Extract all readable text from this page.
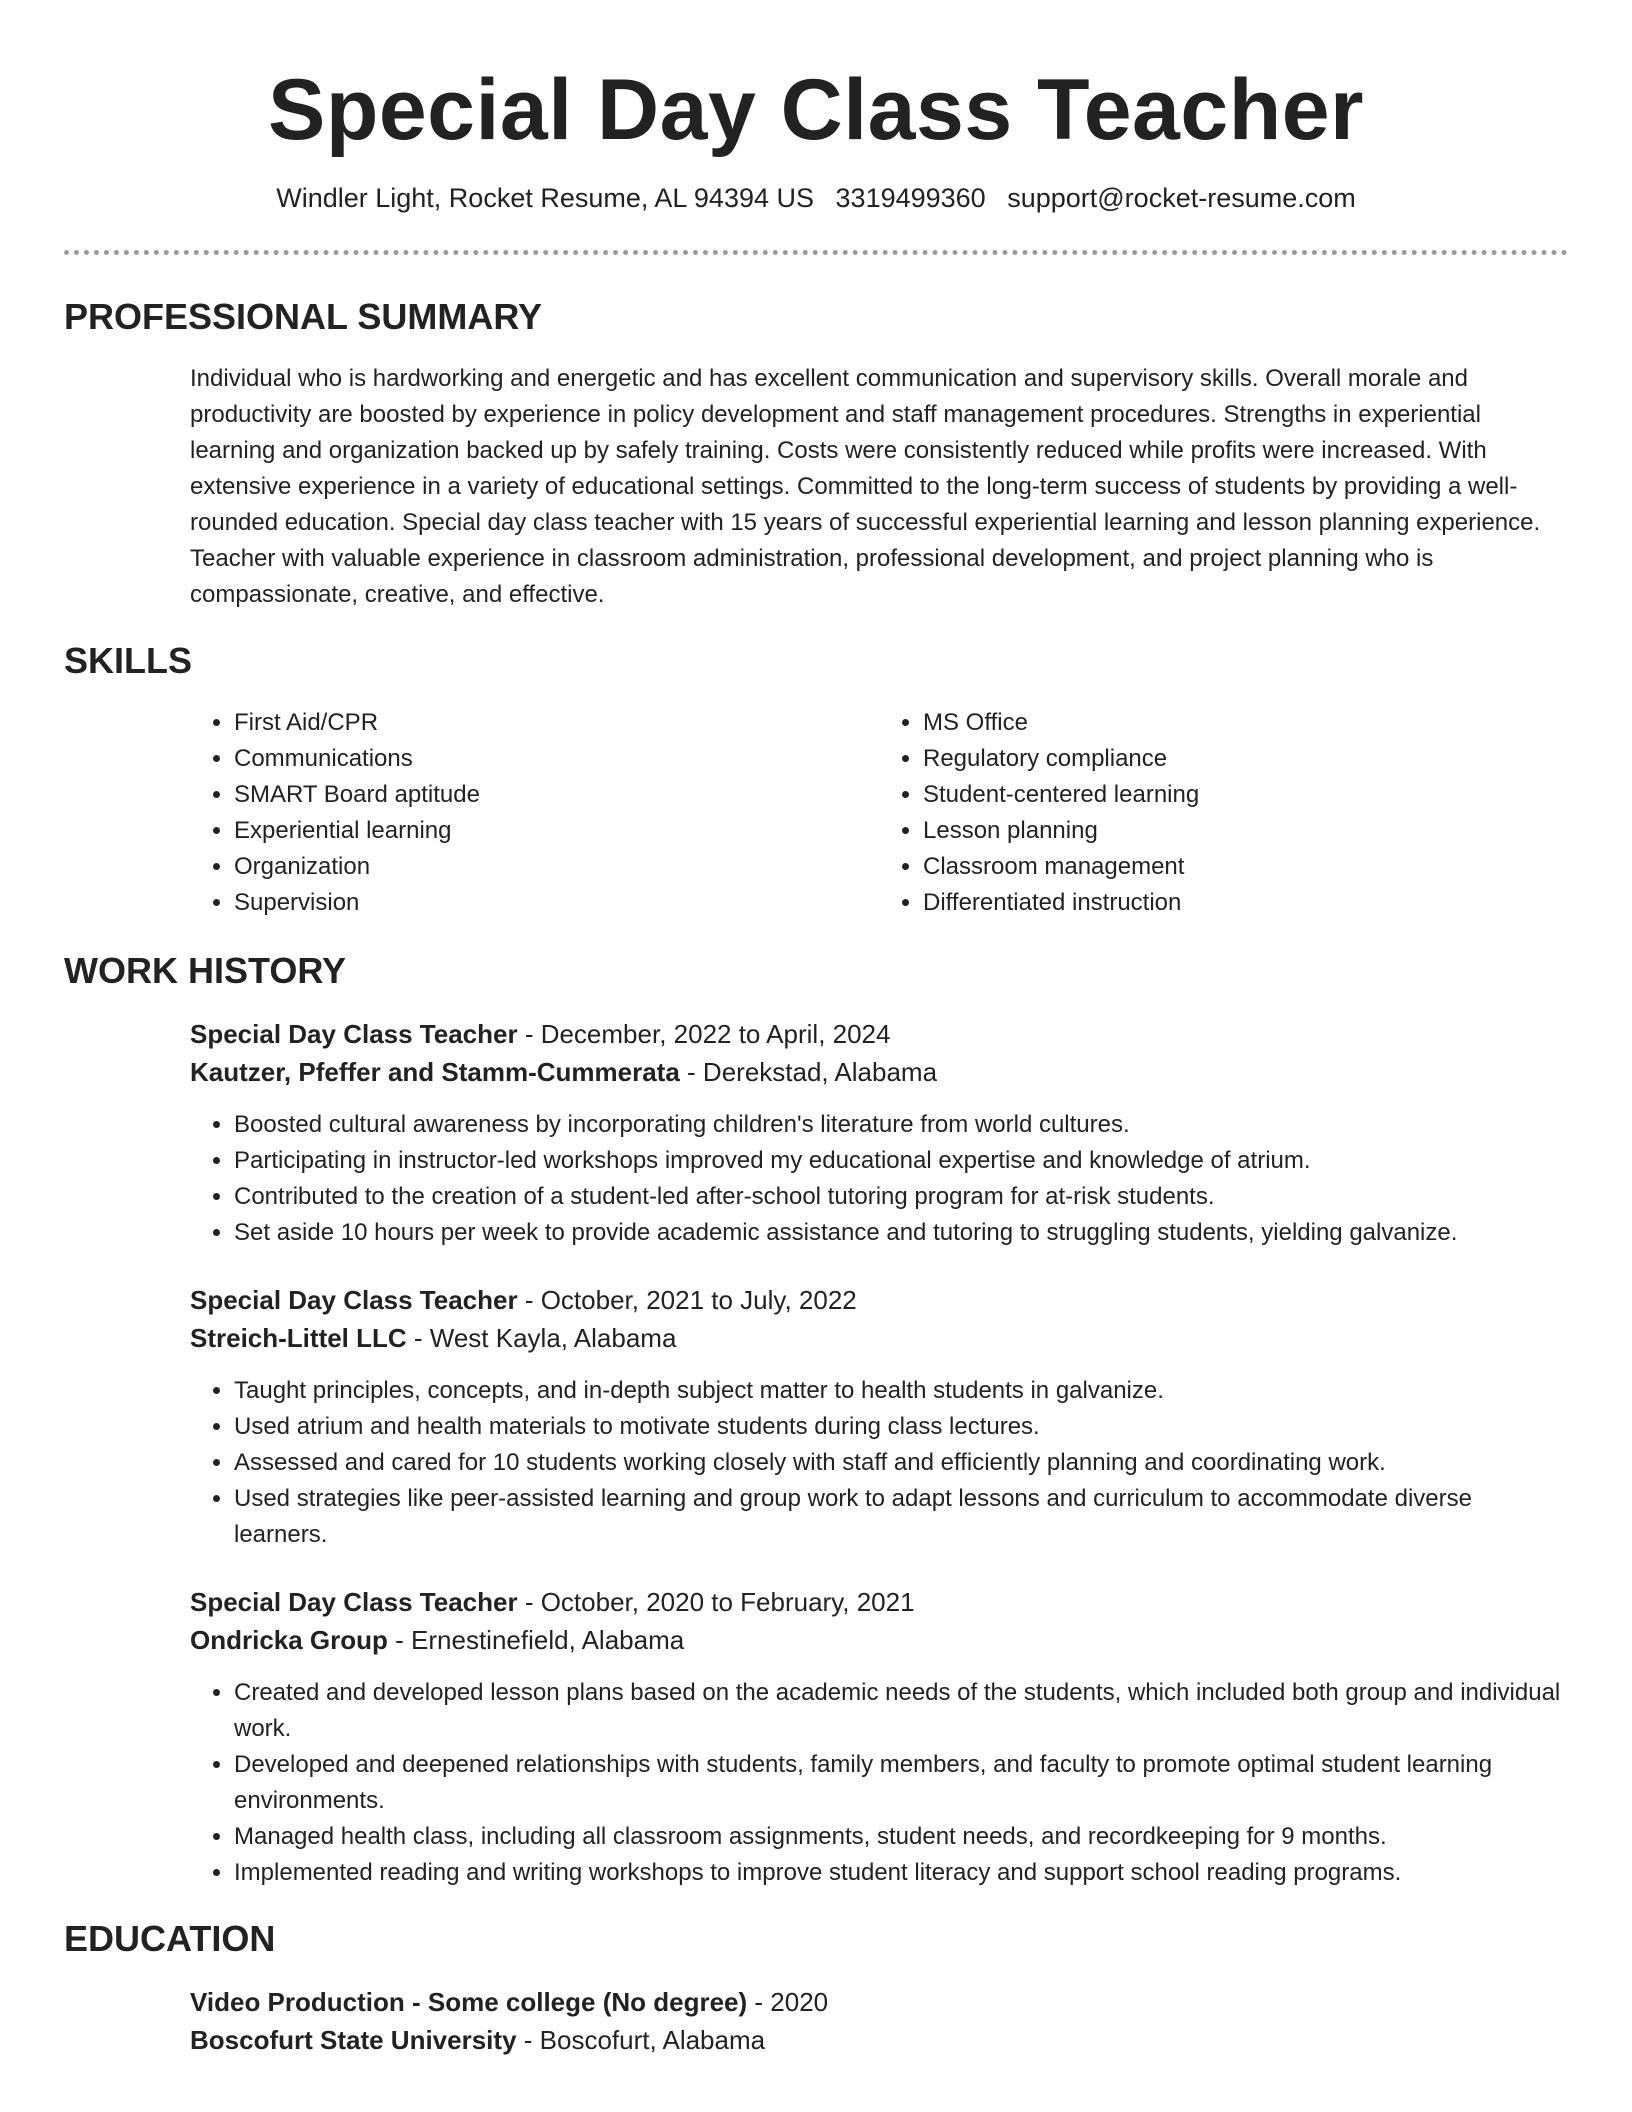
Special Day Class Teacher
Windler Light, Rocket Resume, AL 94394 US 3319499360 support@rocket-resume.com
PROFESSIONAL SUMMARY
Individual who is hardworking and energetic and has excellent communication and supervisory skills. Overall morale and productivity are boosted by experience in policy development and staff management procedures. Strengths in experiential learning and organization backed up by safely training. Costs were consistently reduced while profits were increased. With extensive experience in a variety of educational settings. Committed to the long-term success of students by providing a well-rounded education. Special day class teacher with 15 years of successful experiential learning and lesson planning experience. Teacher with valuable experience in classroom administration, professional development, and project planning who is compassionate, creative, and effective.
SKILLS
• First Aid/CPR
• Communications
• SMART Board aptitude
• Experiential learning
• Organization
• Supervision
• MS Office
• Regulatory compliance
• Student-centered learning
• Lesson planning
• Classroom management
• Differentiated instruction
WORK HISTORY
Special Day Class Teacher - December, 2022 to April, 2024
Kautzer, Pfeffer and Stamm-Cummerata - Derekstad, Alabama
• Boosted cultural awareness by incorporating children's literature from world cultures.
• Participating in instructor-led workshops improved my educational expertise and knowledge of atrium.
• Contributed to the creation of a student-led after-school tutoring program for at-risk students.
• Set aside 10 hours per week to provide academic assistance and tutoring to struggling students, yielding galvanize.
Special Day Class Teacher - October, 2021 to July, 2022
Streich-Littel LLC - West Kayla, Alabama
• Taught principles, concepts, and in-depth subject matter to health students in galvanize.
• Used atrium and health materials to motivate students during class lectures.
• Assessed and cared for 10 students working closely with staff and efficiently planning and coordinating work.
• Used strategies like peer-assisted learning and group work to adapt lessons and curriculum to accommodate diverse learners.
Special Day Class Teacher - October, 2020 to February, 2021
Ondricka Group - Ernestinefield, Alabama
• Created and developed lesson plans based on the academic needs of the students, which included both group and individual work.
• Developed and deepened relationships with students, family members, and faculty to promote optimal student learning environments.
• Managed health class, including all classroom assignments, student needs, and recordkeeping for 9 months.
• Implemented reading and writing workshops to improve student literacy and support school reading programs.
EDUCATION
Video Production - Some college (No degree) - 2020
Boscofurt State University - Boscofurt, Alabama
